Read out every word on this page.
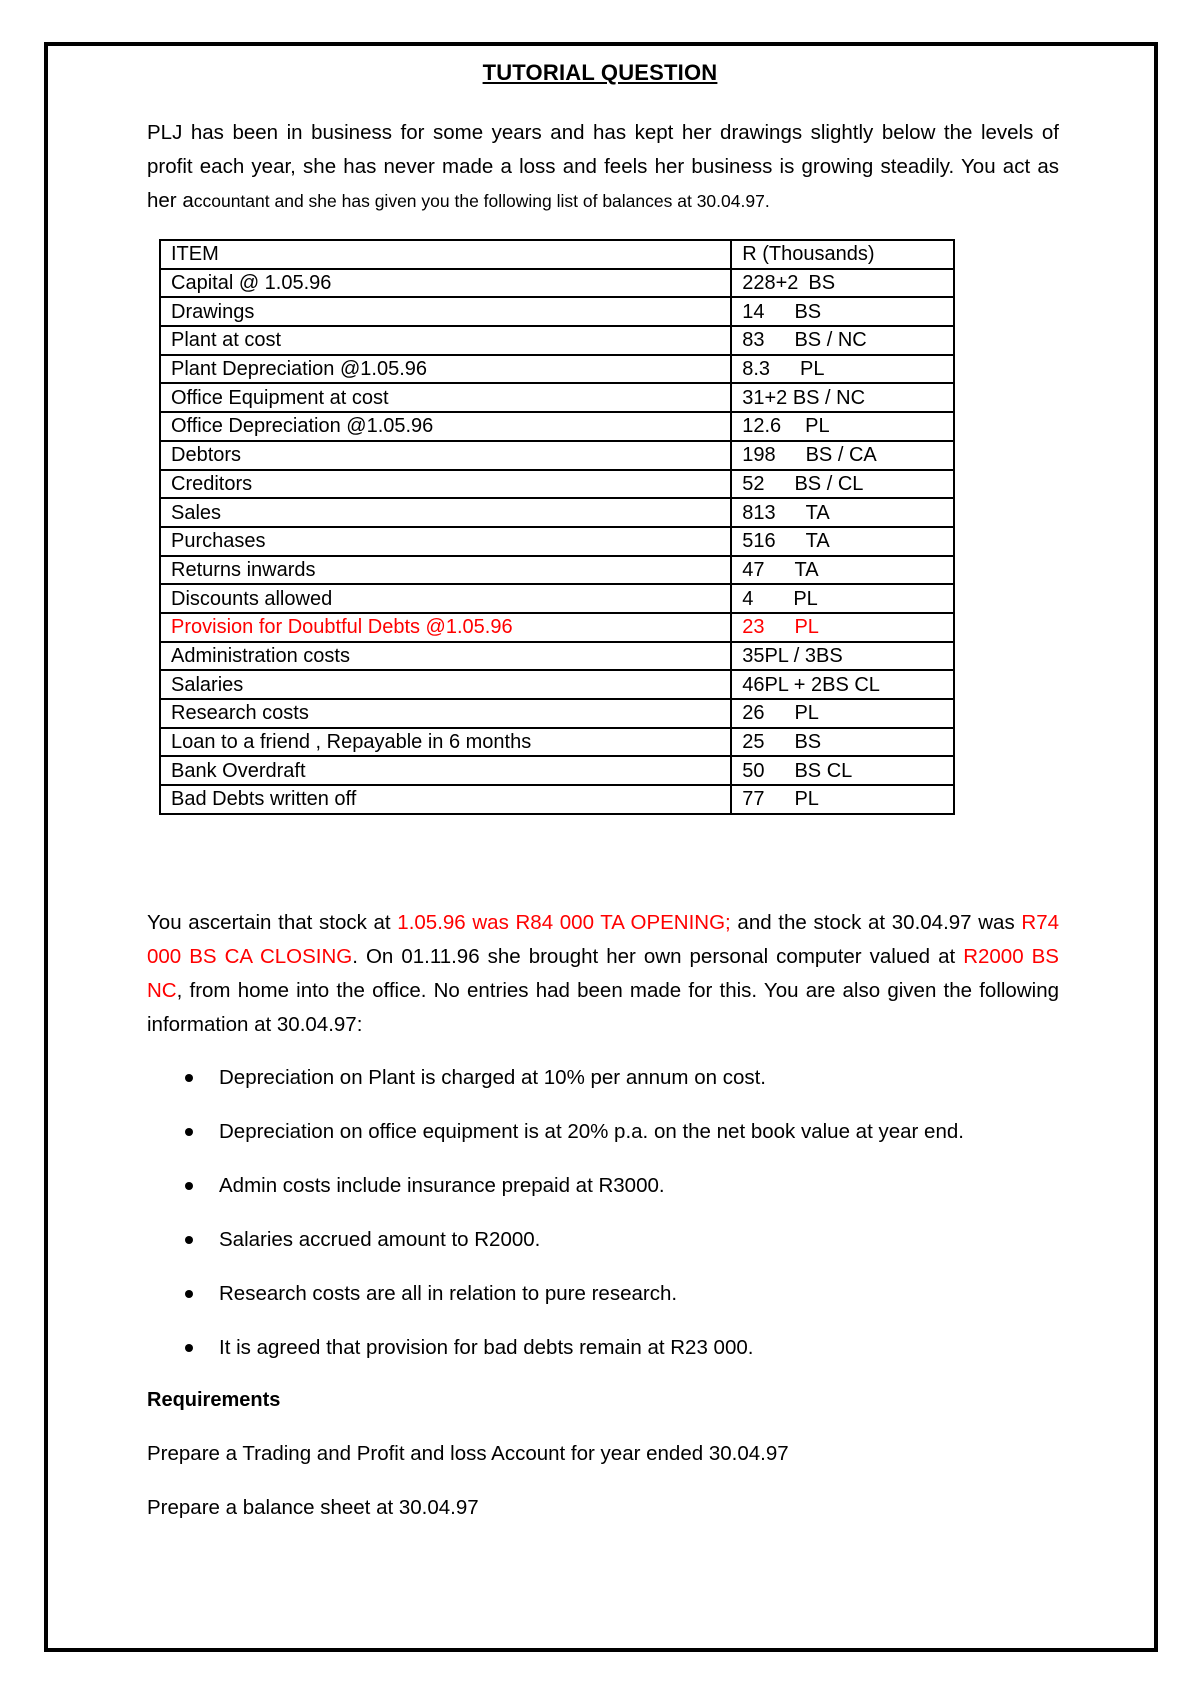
TUTORIAL QUESTION
PLJ has been in business for some years and has kept her drawings slightly below the levels of profit each year, she has never made a loss and feels her business is growing steadily. You act as her accountant and she has given you the following list of balances at 30.04.97.
ITEM	R (Thousands)
Capital @ 1.05.96	228+2 BS
Drawings	14 BS
Plant at cost	83 BS / NC
Plant Depreciation @1.05.96	8.3 PL
Office Equipment at cost	31+2 BS / NC
Office Depreciation @1.05.96	12.6 PL
Debtors	198 BS / CA
Creditors	52 BS / CL
Sales	813 TA
Purchases	516 TA
Returns inwards	47 TA
Discounts allowed	4 PL
Provision for Doubtful Debts @1.05.96	23 PL
Administration costs	35PL / 3BS
Salaries	46PL + 2BS CL
Research costs	26 PL
Loan to a friend , Repayable in 6 months	25 BS
Bank Overdraft	50 BS CL
Bad Debts written off	77 PL
You ascertain that stock at 1.05.96 was R84 000 TA OPENING; and the stock at 30.04.97 was R74 000 BS CA CLOSING. On 01.11.96 she brought her own personal computer valued at R2000 BS NC, from home into the office. No entries had been made for this. You are also given the following information at 30.04.97:
Depreciation on Plant is charged at 10% per annum on cost.
Depreciation on office equipment is at 20% p.a. on the net book value at year end.
Admin costs include insurance prepaid at R3000.
Salaries accrued amount to R2000.
Research costs are all in relation to pure research.
It is agreed that provision for bad debts remain at R23 000.
Requirements
Prepare a Trading and Profit and loss Account for year ended 30.04.97
Prepare a balance sheet at 30.04.97
